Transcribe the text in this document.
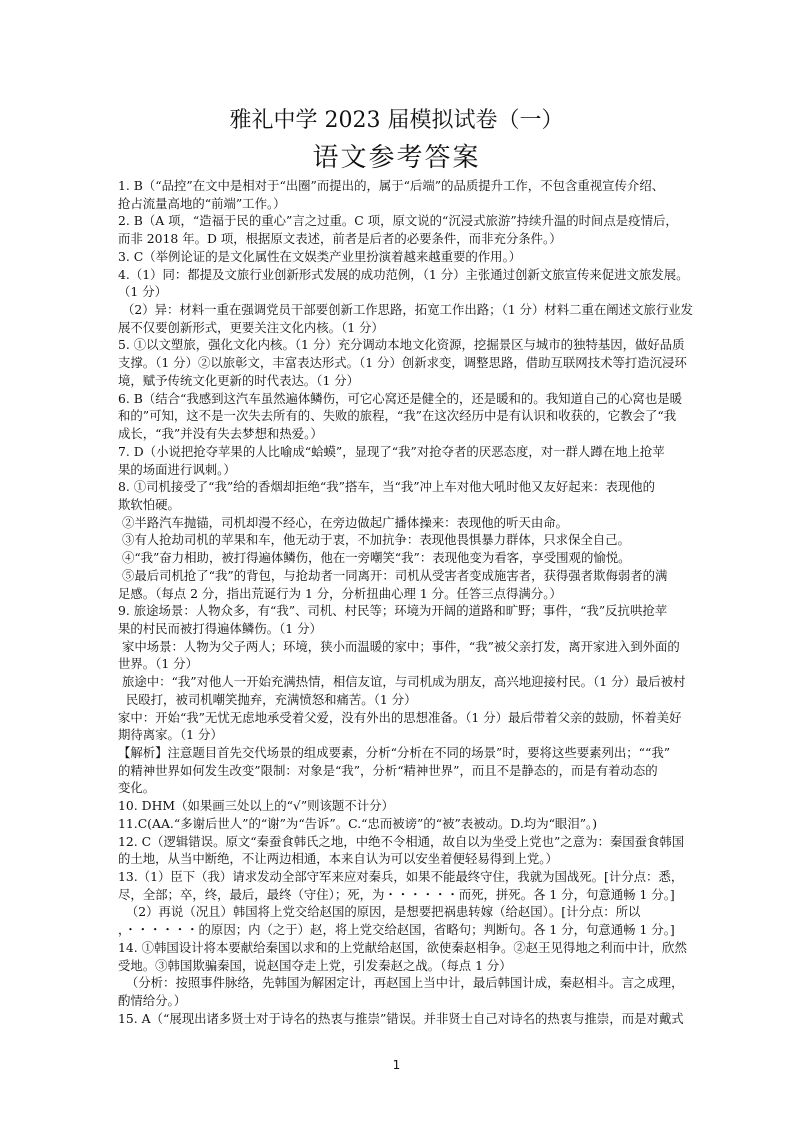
雅礼中学 2023 届模拟试卷（一）
语文参考答案
1. B（“品控”在文中是相对于“出圈”而提出的，属于“后端”的品质提升工作，不包含重视宣传介绍、
抢占流量高地的“前端”工作。）
2. B（A 项，“造福于民的重心”言之过重。C 项，原文说的“沉浸式旅游”持续升温的时间点是疫情后，
而非 2018 年。D 项，根据原文表述，前者是后者的必要条件，而非充分条件。）
3. C（举例论证的是文化属性在文娱类产业里扮演着越来越重要的作用。）
4.（1）同：都提及文旅行业创新形式发展的成功范例，（1 分）主张通过创新文旅宣传来促进文旅发展。
（1 分）
（2）异：材料一重在强调党员干部要创新工作思路，拓宽工作出路；（1 分）材料二重在阐述文旅行业发
展不仅要创新形式，更要关注文化内核。（1 分）
5. ①以文塑旅，强化文化内核。（1 分）充分调动本地文化资源，挖掘景区与城市的独特基因，做好品质
支撑。（1 分）②以旅彰文，丰富表达形式。（1 分）创新求变，调整思路，借助互联网技术等打造沉浸环
境，赋予传统文化更新的时代表达。（1 分）
6. B（结合“我感到这汽车虽然遍体鳞伤，可它心窝还是健全的，还是暖和的。我知道自己的心窝也是暖
和的”可知，这不是一次失去所有的、失败的旅程，“我”在这次经历中是有认识和收获的，它教会了“我
成长，“我”并没有失去梦想和热爱。）
7. D（小说把抢夺苹果的人比喻成“蛤蟆”，显现了“我”对抢夺者的厌恶态度，对一群人蹲在地上抢苹
果的场面进行讽刺。）
8. ①司机接受了“我”给的香烟却拒绝“我”搭车，当“我”冲上车对他大吼时他又友好起来：表现他的
欺软怕硬。
②半路汽车抛锚，司机却漫不经心，在旁边做起广播体操来：表现他的听天由命。
③有人抢劫司机的苹果和车，他无动于衷，不加抗争：表现他畏惧暴力群体，只求保全自己。
④“我”奋力相助，被打得遍体鳞伤，他在一旁嘲笑“我”：表现他变为看客，享受围观的愉悦。
⑤最后司机抢了“我”的背包，与抢劫者一同离开：司机从受害者变成施害者，获得强者欺侮弱者的满
足感。（每点 2 分，指出荒诞行为 1 分，分析扭曲心理 1 分。任答三点得满分。）
9. 旅途场景：人物众多，有“我”、司机、村民等；环境为开阔的道路和旷野；事件，“我”反抗哄抢苹
果的村民而被打得遍体鳞伤。（1 分）
家中场景：人物为父子两人；环境，狭小而温暖的家中；事件，“我”被父亲打发，离开家进入到外面的
世界。（1 分）
旅途中：“我”对他人一开始充满热情，相信友谊，与司机成为朋友，高兴地迎接村民。（1 分）最后被村
民殴打，被司机嘲笑抛弃，充满愤怒和痛苦。（1 分）
家中：开始“我”无忧无虑地承受着父爱，没有外出的思想准备。（1 分）最后带着父亲的鼓励，怀着美好
期待离家。（1 分）
【解析】注意题目首先交代场景的组成要素，分析“分析在不同的场景”时，要将这些要素列出；““我”
的精神世界如何发生改变”限制：对象是“我”，分析“精神世界”，而且不是静态的，而是有着动态的
变化。
10. DHM（如果画三处以上的“√”则该题不计分）
11.C(AA.“多谢后世人”的“谢”为“告诉”。C.“忠而被谤”的“被”表被动。D.均为“眼泪”。)
12. C（逻辑错误。原文“秦蚕食韩氏之地，中绝不令相通，故自以为坐受上党也”之意为：秦国蚕食韩国
的土地，从当中断绝，不让两边相通，本来自认为可以安坐着便轻易得到上党。）
13.（1）臣下（我）请求发动全部守军来应对秦兵，如果不能最终守住，我就为国战死。[计分点：悉，
尽，全部；卒，终，最后，最终（守住）；死，为・・・・・・而死，拼死。各 1 分，句意通畅 1 分。]
（2）再说（况且）韩国将上党交给赵国的原因，是想要把祸患转嫁（给赵国）。[计分点：所以
，・・・・・・的原因；内（之于）赵，将上党交给赵国，省略句；判断句。各 1 分，句意通畅 1 分。]
14. ①韩国设计将本要献给秦国以求和的上党献给赵国，欲使秦赵相争。②赵王见得地之利而中计，欣然
受地。③韩国欺骗秦国，说赵国夺走上党，引发秦赵之战。（每点 1 分）
（分析：按照事件脉络，先韩国为解困定计，再赵国上当中计，最后韩国计成，秦赵相斗。言之成理，
酌情给分。）
15. A（“展现出诸多贤士对于诗名的热衷与推崇”错误。并非贤士自己对诗名的热衷与推崇，而是对戴式
1
